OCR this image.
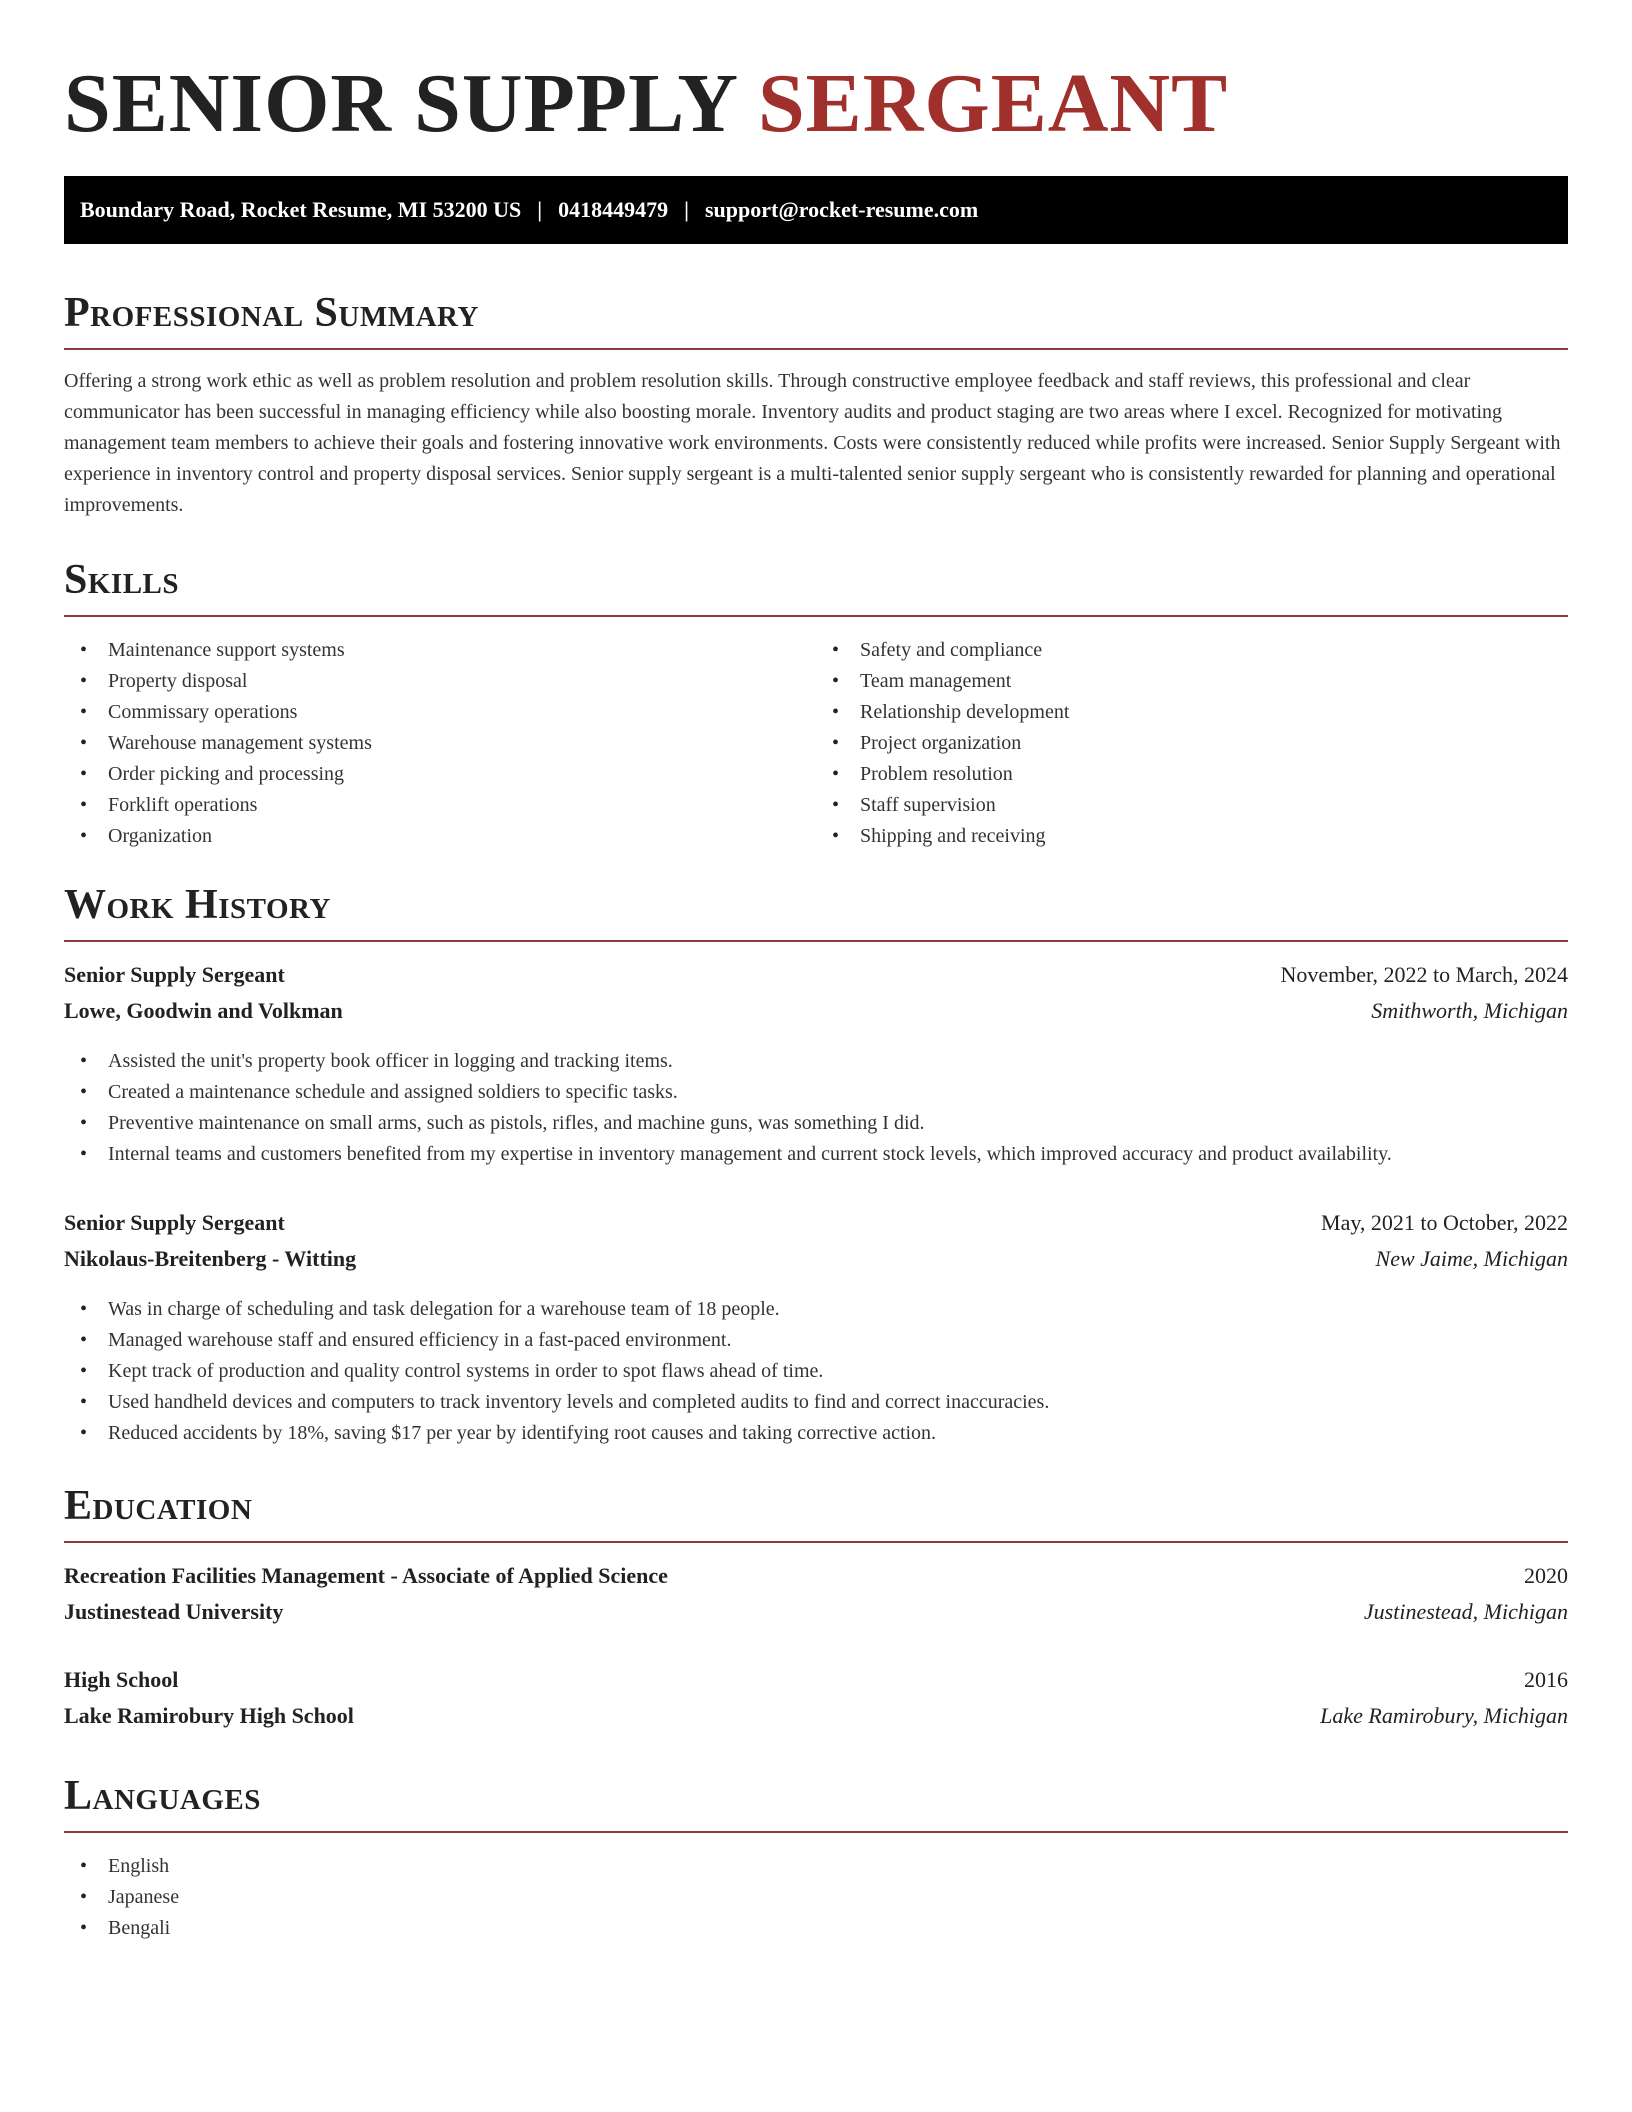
SENIOR SUPPLY SERGEANT
Boundary Road, Rocket Resume, MI 53200 US | 0418449479 | support@rocket-resume.com
Professional Summary

Offering a strong work ethic as well as problem resolution and problem resolution skills. Through constructive employee feedback and staff reviews, this professional and clear communicator has been successful in managing efficiency while also boosting morale. Inventory audits and product staging are two areas where I excel. Recognized for motivating management team members to achieve their goals and fostering innovative work environments. Costs were consistently reduced while profits were increased. Senior Supply Sergeant with experience in inventory control and property disposal services. Senior supply sergeant is a multi-talented senior supply sergeant who is consistently rewarded for planning and operational improvements.

Skills
• Maintenance support systems
• Property disposal
• Commissary operations
• Warehouse management systems
• Order picking and processing
• Forklift operations
• Organization
• Safety and compliance
• Team management
• Relationship development
• Project organization
• Problem resolution
• Staff supervision
• Shipping and receiving
Work History
Senior Supply Sergeant	November, 2022 to March, 2024
Lowe, Goodwin and Volkman	Smithworth, Michigan
• Assisted the unit's property book officer in logging and tracking items.
• Created a maintenance schedule and assigned soldiers to specific tasks.
• Preventive maintenance on small arms, such as pistols, rifles, and machine guns, was something I did.
• Internal teams and customers benefited from my expertise in inventory management and current stock levels, which improved accuracy and product availability.
Senior Supply Sergeant	May, 2021 to October, 2022
Nikolaus-Breitenberg - Witting	New Jaime, Michigan
• Was in charge of scheduling and task delegation for a warehouse team of 18 people.
• Managed warehouse staff and ensured efficiency in a fast-paced environment.
• Kept track of production and quality control systems in order to spot flaws ahead of time.
• Used handheld devices and computers to track inventory levels and completed audits to find and correct inaccuracies.
• Reduced accidents by 18%, saving $17 per year by identifying root causes and taking corrective action.
Education
Recreation Facilities Management - Associate of Applied Science	2020
Justinestead University	Justinestead, Michigan
High School	2016
Lake Ramirobury High School	Lake Ramirobury, Michigan
Languages
• English
• Japanese
• Bengali
